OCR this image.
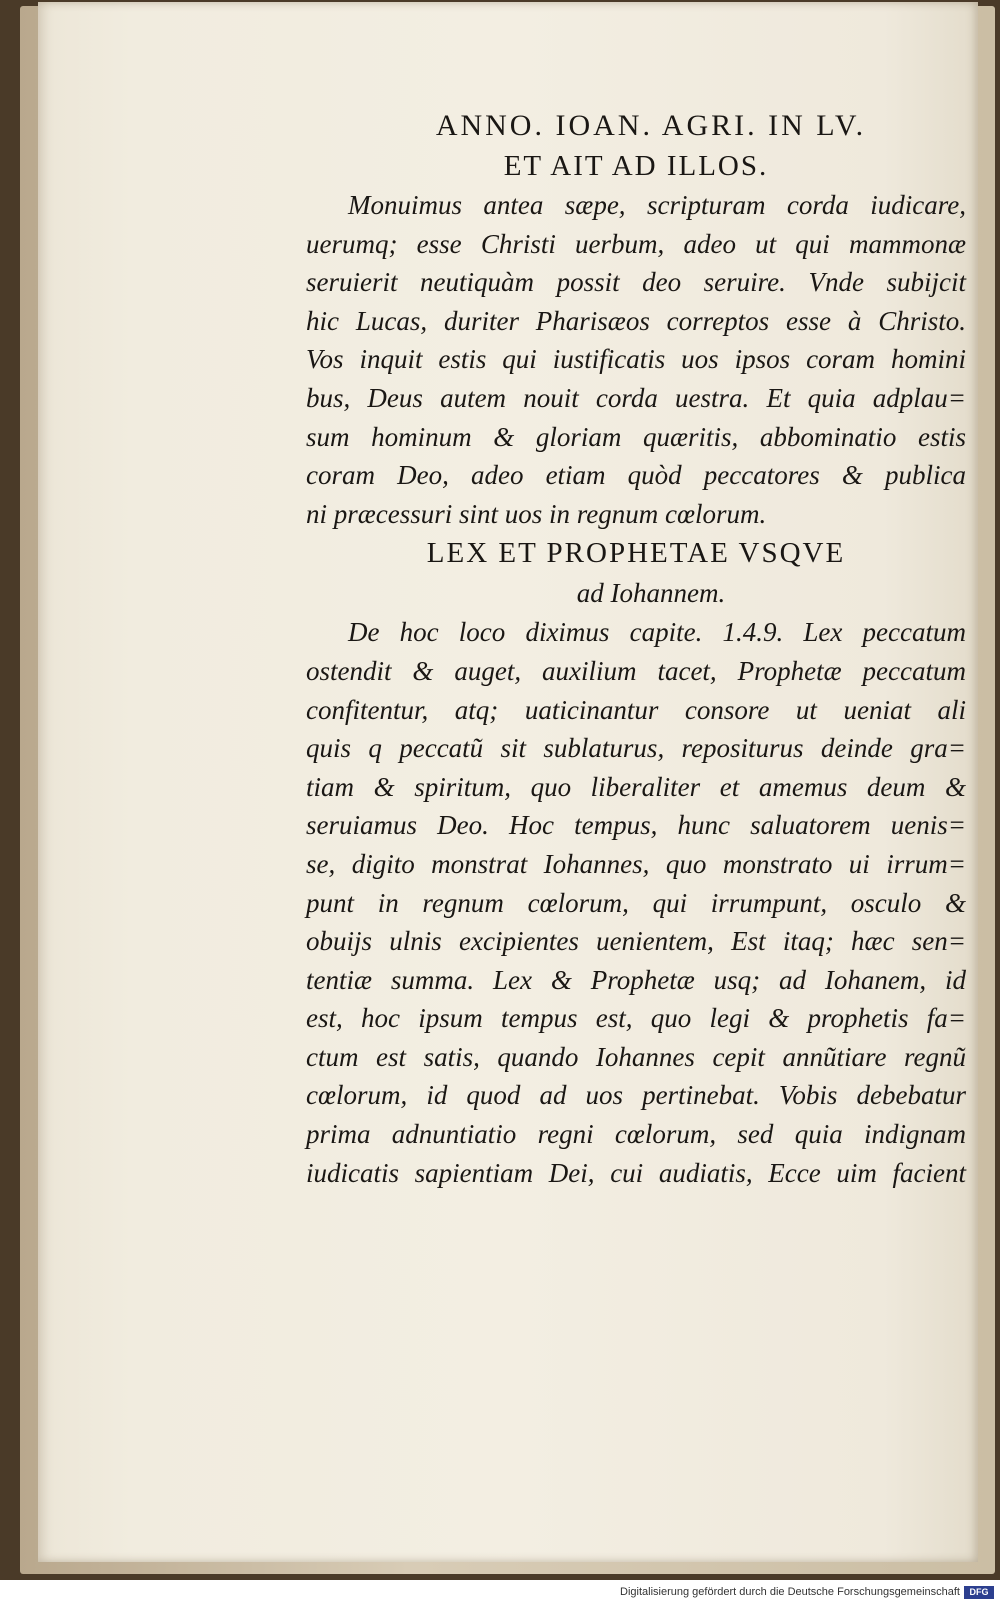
ANNO. IOAN. AGRI. IN LV.

ET AIT AD ILLOS.

Monuimus antea sæpe, scripturam corda iudicare,
uerumq; esse Christi uerbum, adeo ut qui mammonæ
seruierit neutiquàm possit deo seruire. Vnde subijcit
hic Lucas, duriter Pharisæos correptos esse à Christo.
Vos inquit estis qui iustificatis uos ipsos coram homini
bus, Deus autem nouit corda uestra. Et quia adplau=
sum hominum & gloriam quæritis, abbominatio estis
coram Deo, adeo etiam quòd peccatores & publica
ni præcessuri sint uos in regnum cœlorum.

LEX ET PROPHETAE VSQVE

ad Iohannem.

De hoc loco diximus capite. 1.4.9. Lex peccatum
ostendit & auget, auxilium tacet, Prophetæ peccatum
confitentur, atq; uaticinantur consore ut ueniat ali
quis q peccatũ sit sublaturus, repositurus deinde gra=
tiam & spiritum, quo liberaliter et amemus deum &
seruiamus Deo. Hoc tempus, hunc saluatorem uenis=
se, digito monstrat Iohannes, quo monstrato ui irrum=
punt in regnum cœlorum, qui irrumpunt, osculo &
obuijs ulnis excipientes uenientem, Est itaq; hæc sen=
tentiæ summa. Lex & Prophetæ usq; ad Iohanem, id
est, hoc ipsum tempus est, quo legi & prophetis fa=
ctum est satis, quando Iohannes cepit annũtiare regnũ
cœlorum, id quod ad uos pertinebat. Vobis debebatur
prima adnuntiatio regni cœlorum, sed quia indignam
iudicatis sapientiam Dei, cui audiatis, Ecce uim facient
Digitalisierung gefördert durch die Deutsche Forschungsgemeinschaft	DFG
